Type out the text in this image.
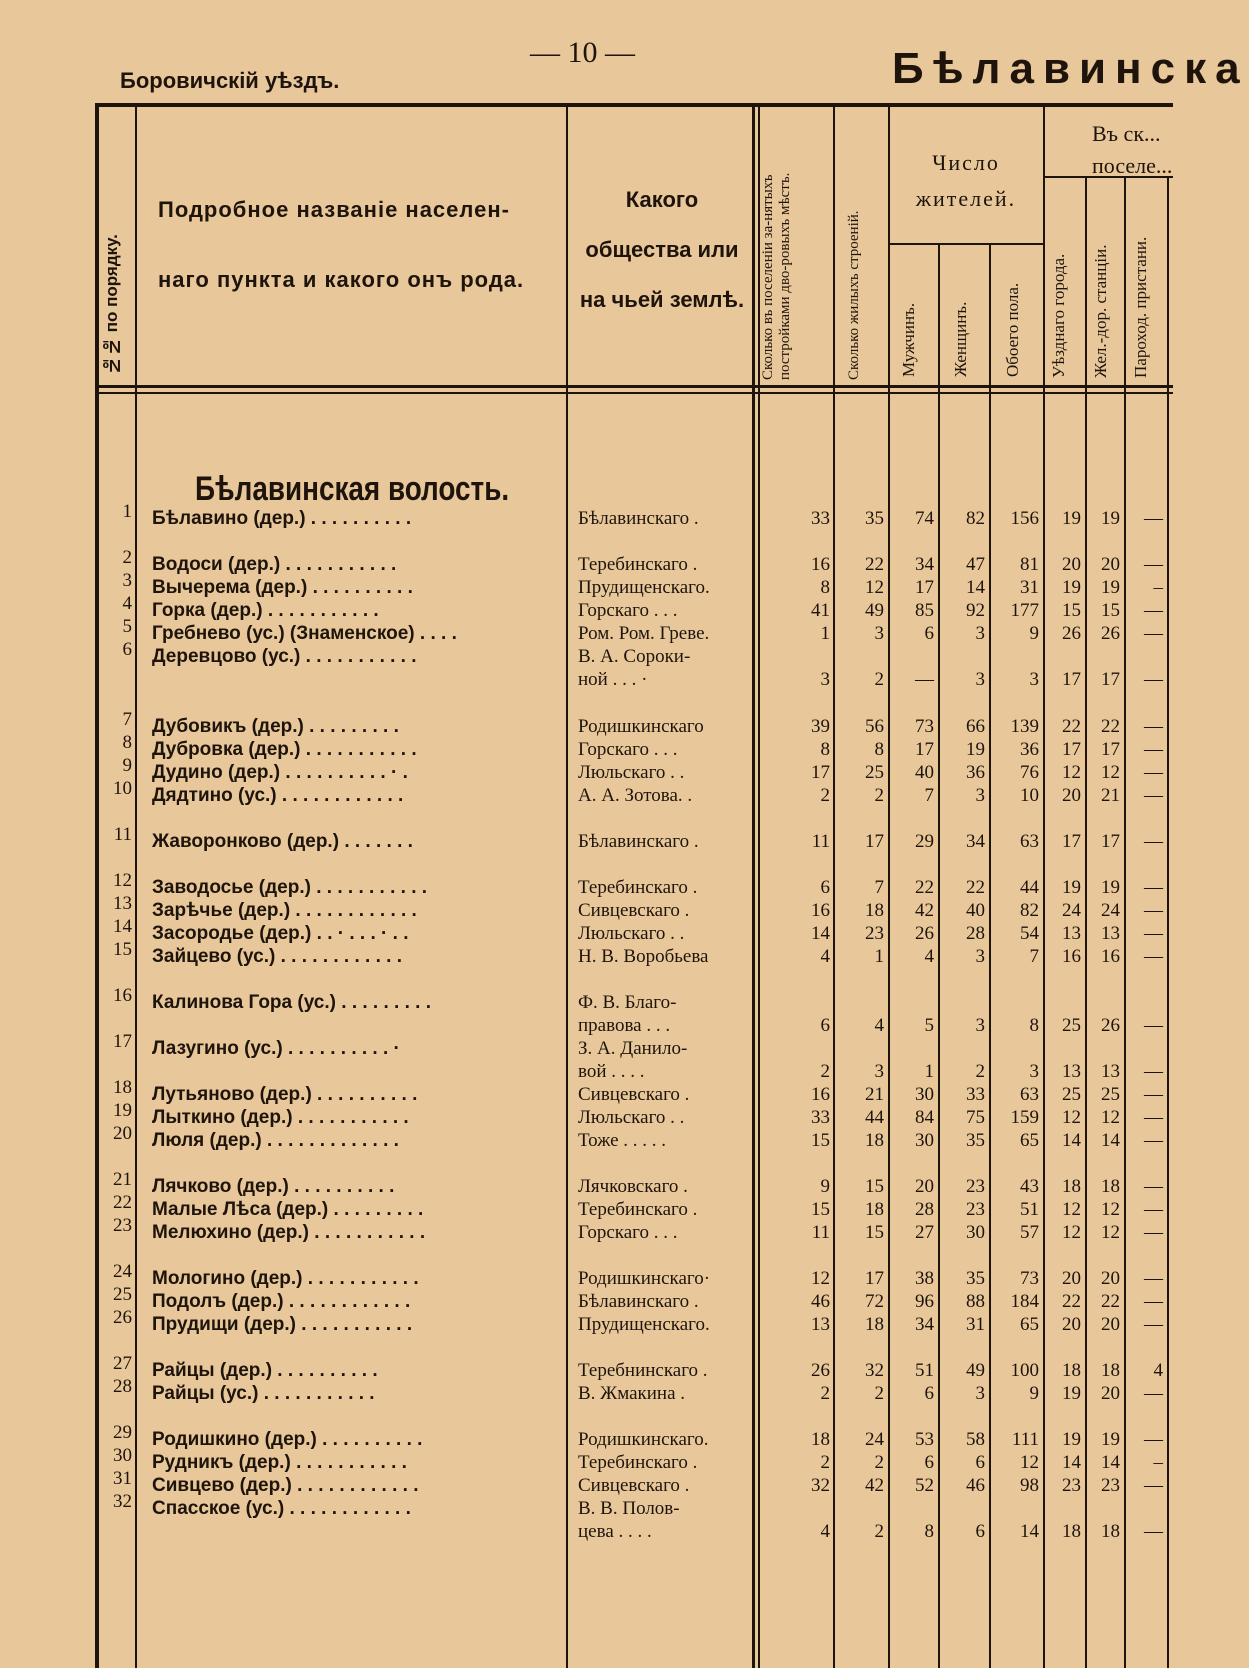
Боровичскій уѣздъ.
— 10 —	Бѣлавинска
№№ по порядку.
Подробное названіе населен-наго пункта и какого онъ рода.
Какого общества или на чьей землѣ.	Сколько въ поселеніи за-нятыхъ постройками дво-ровыхъ мѣстъ.	Сколько жилыхъ строеній.
Число жителей.
Мужчинъ.	Женщинъ.	Обоего пола.
Въ ск... поселе...
Уѣзднаго города.	Жел.-дор. станціи.	Пароход. пристани.
Бѣлавинская волость.
1 Бѣлавино (дер.) . . . . . . . . . .	Бѣлавинскаго .	33	35	74	82	156	19	19	—
2 Водоси (дер.) . . . . . . . . . . .	Теребинскаго .	16	22	34	47	81	20	20	—
3 Вычерема (дер.) . . . . . . . . . .	Прудищенскаго.	8	12	17	14	31	19	19	–
4 Горка (дер.) . . . . . . . . . . .	Горскаго . . .	41	49	85	92	177	15	15	—
5 Гребнево (ус.) (Знаменское) . . . .	Ром. Ром. Греве.	1	3	6	3	9	26	26	—
6 Деревцово (ус.) . . . . . . . . . . .	В. А. Сороки-
ной . . . ·	3	2	—	3	3	17	17	—
7 Дубовикъ (дер.) . . . . . . . . .	Родишкинскаго	39	56	73	66	139	22	22	—
8 Дубровка (дер.) . . . . . . . . . . .	Горскаго . . .	8	8	17	19	36	17	17	—
9 Дудино (дер.) . . . . . . . . . . · .	Люльскаго . .	17	25	40	36	76	12	12	—
10 Дядтино (ус.) . . . . . . . . . . . .	А. А. Зотова. .	2	2	7	3	10	20	21	—
11 Жаворонково (дер.) . . . . . . .	Бѣлавинскаго .	11	17	29	34	63	17	17	—
12 Заводосье (дер.) . . . . . . . . . . .	Теребинскаго .	6	7	22	22	44	19	19	—
13 Зарѣчье (дер.) . . . . . . . . . . . .	Сивцевскаго .	16	18	42	40	82	24	24	—
14 Засородье (дер.) . . · . . . · . .	Люльскаго . .	14	23	26	28	54	13	13	—
15 Зайцево (ус.) . . . . . . . . . . . .	Н. В. Воробьева	4	1	4	3	7	16	16	—
16 Калинова Гора (ус.) . . . . . . . . .	Ф. В. Благо-
правова . . .	6	4	5	3	8	25	26	—
17 Лазугино (ус.) . . . . . . . . . . ·	З. А. Данило-
вой . . . .	2	3	1	2	3	13	13	—
18 Лутьяново (дер.) . . . . . . . . . .	Сивцевскаго .	16	21	30	33	63	25	25	—
19 Лыткино (дер.) . . . . . . . . . . .	Люльскаго . .	33	44	84	75	159	12	12	—
20 Люля (дер.) . . . . . . . . . . . . .	Тоже . . . . .	15	18	30	35	65	14	14	—
21 Лячково (дер.) . . . . . . . . . .	Лячковскаго .	9	15	20	23	43	18	18	—
22 Малые Лѣса (дер.) . . . . . . . . .	Теребинскаго .	15	18	28	23	51	12	12	—
23 Мелюхино (дер.) . . . . . . . . . . .	Горскаго . . .	11	15	27	30	57	12	12	—
24 Мологино (дер.) . . . . . . . . . . .	Родишкинскаго·	12	17	38	35	73	20	20	—
25 Подолъ (дер.) . . . . . . . . . . . .	Бѣлавинскаго .	46	72	96	88	184	22	22	—
26 Прудищи (дер.) . . . . . . . . . . .	Прудищенскаго.	13	18	34	31	65	20	20	—
27 Райцы (дер.) . . . . . . . . . .	Теребнинскаго .	26	32	51	49	100	18	18	4
28 Райцы (ус.) . . . . . . . . . . .	В. Жмакина .	2	2	6	3	9	19	20	—
29 Родишкино (дер.) . . . . . . . . . .	Родишкинскаго.	18	24	53	58	111	19	19	—
30 Рудникъ (дер.) . . . . . . . . . . .	Теребинскаго .	2	2	6	6	12	14	14	–
31 Сивцево (дер.) . . . . . . . . . . . .	Сивцевскаго .	32	42	52	46	98	23	23	—
32 Спасское (ус.) . . . . . . . . . . . .	В. В. Полов-
цева . . . .	4	2	8	6	14	18	18	—
